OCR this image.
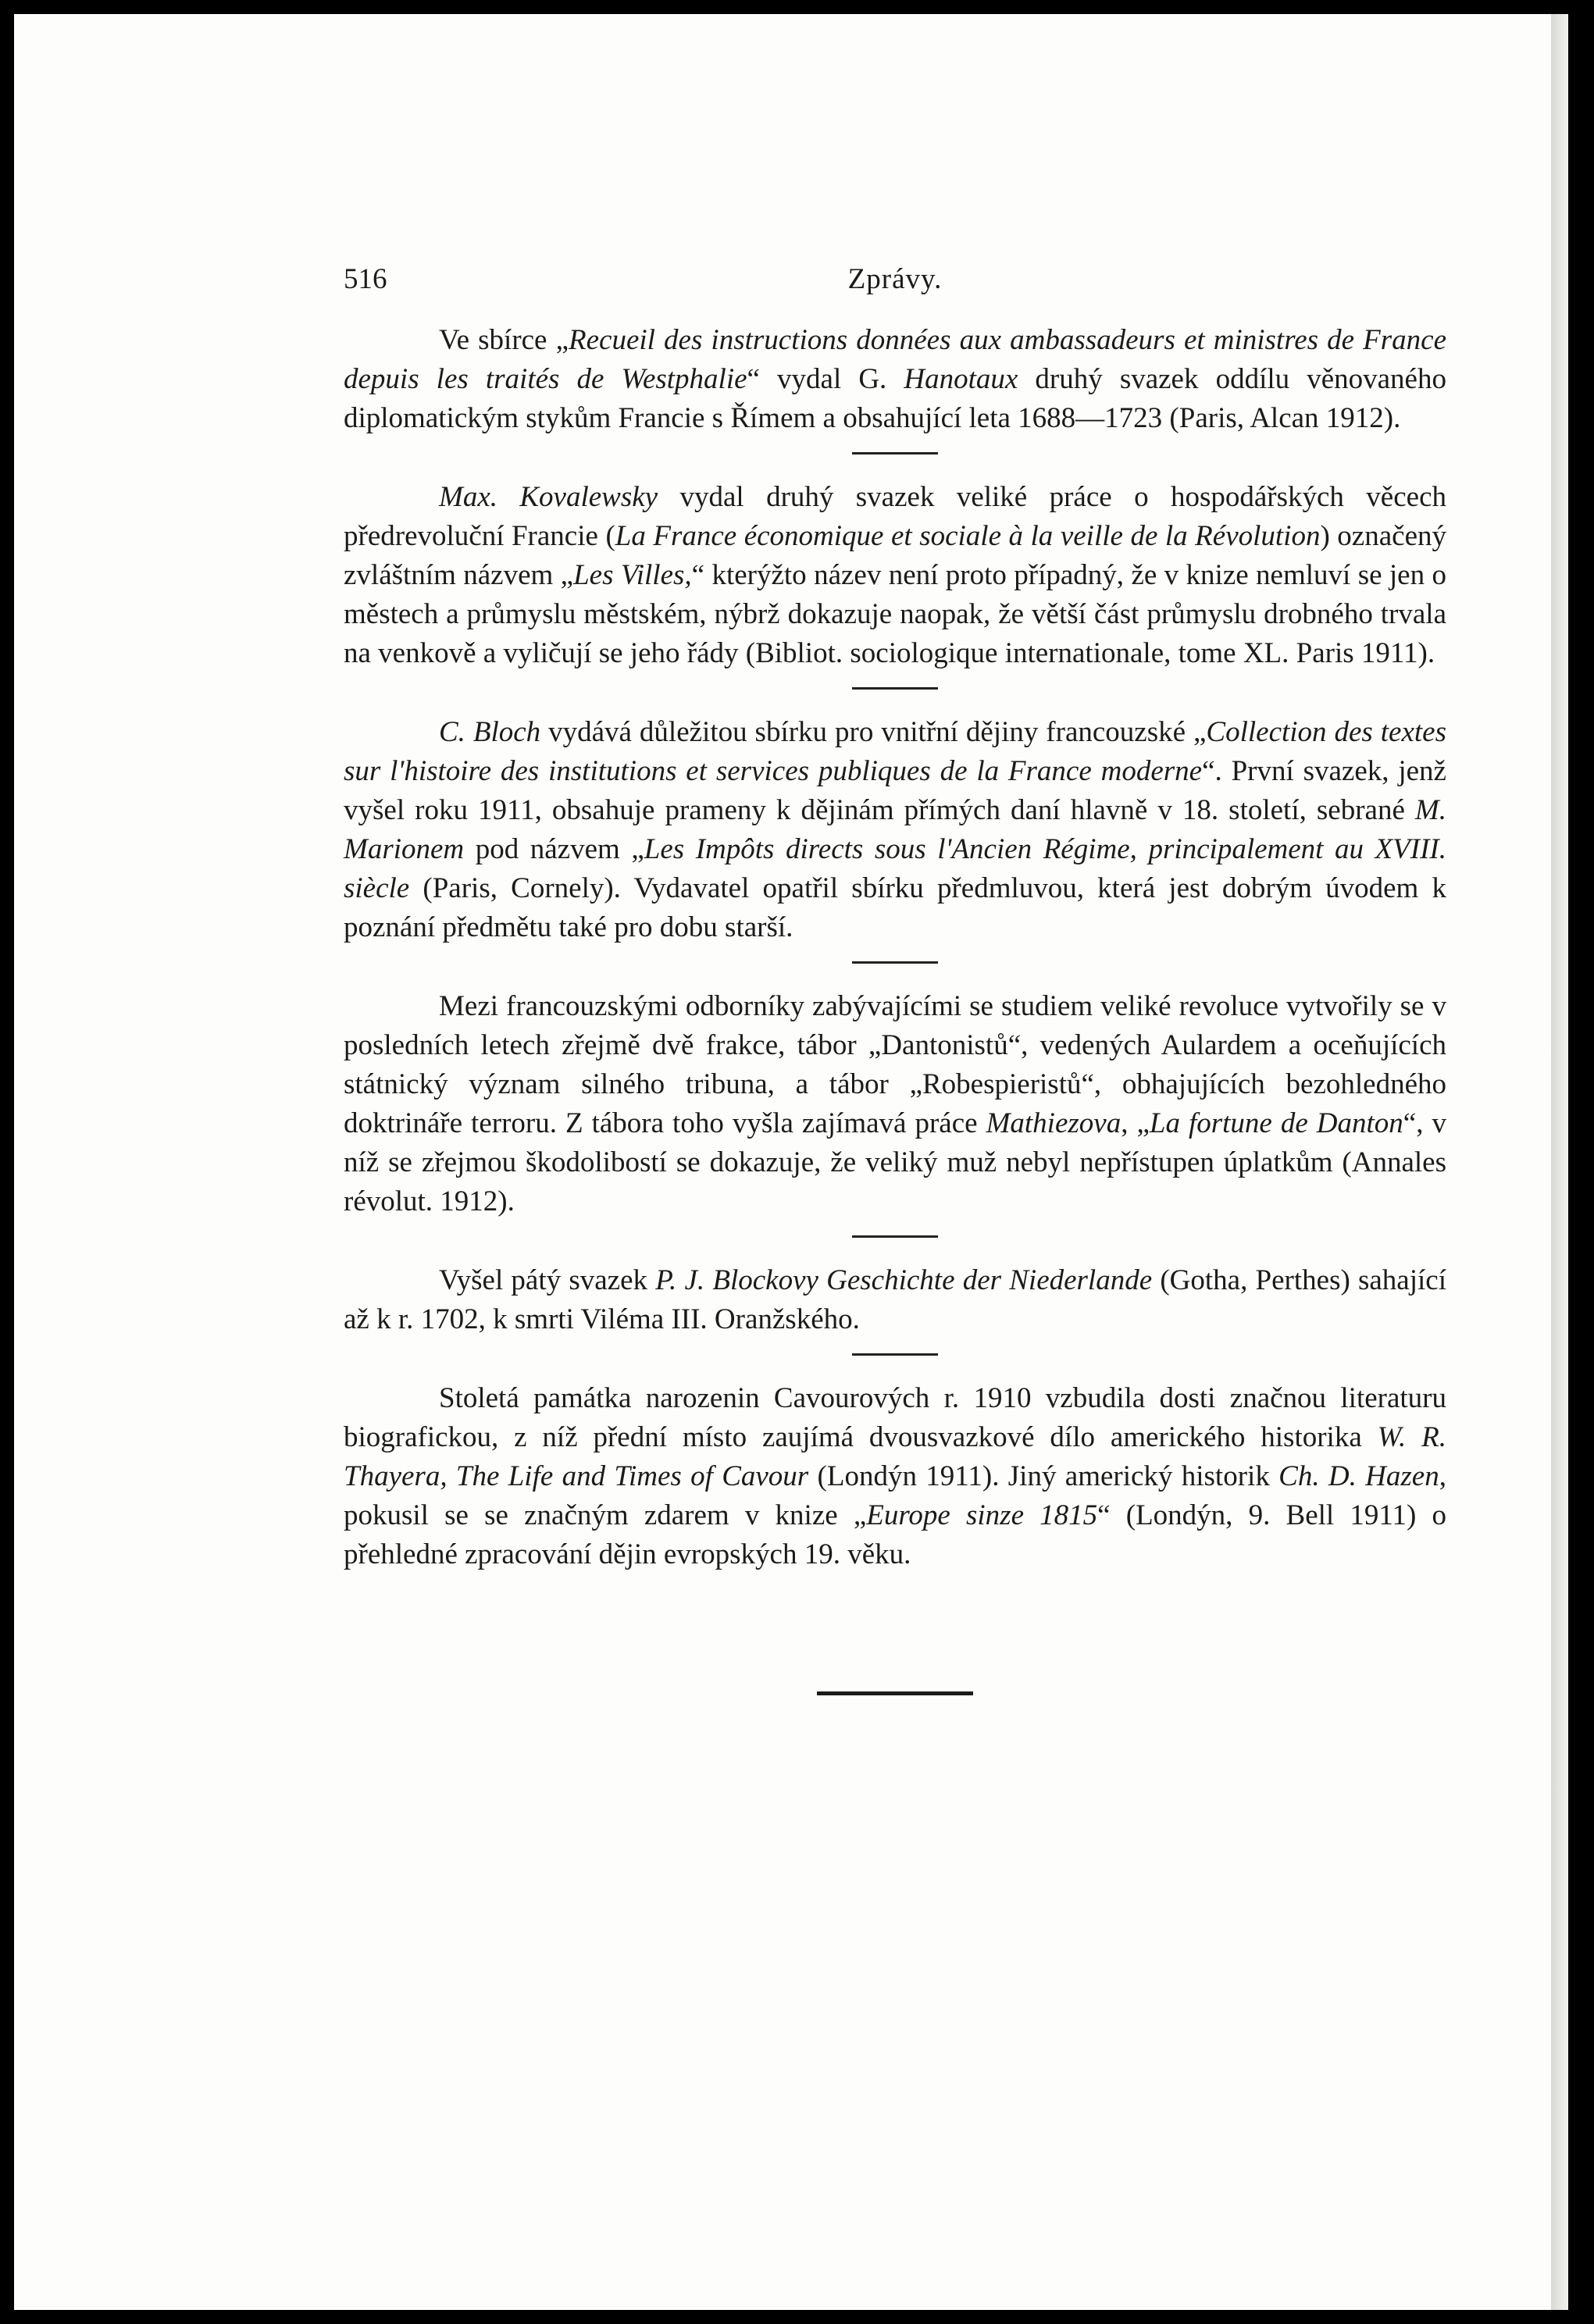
516	Zprávy.

Ve sbírce „Recueil des instructions données aux ambassadeurs et ministres de France depuis les traités de Westphalie“ vydal G. Hanotaux druhý svazek oddílu věnovaného diplomatickým stykům Francie s Římem a obsahující leta 1688—1723 (Paris, Alcan 1912).

Max. Kovalewsky vydal druhý svazek veliké práce o hospodářských věcech předrevoluční Francie (La France économique et sociale à la veille de la Révolution) označený zvláštním názvem „Les Villes,“ kterýžto název není proto případný, že v knize nemluví se jen o městech a průmyslu městském, nýbrž dokazuje naopak, že větší část průmyslu drobného trvala na venkově a vyličují se jeho řády (Bibliot. sociologique internationale, tome XL. Paris 1911).

C. Bloch vydává důležitou sbírku pro vnitřní dějiny francouzské „Collection des textes sur l'histoire des institutions et services publiques de la France moderne“. První svazek, jenž vyšel roku 1911, obsahuje prameny k dějinám přímých daní hlavně v 18. století, sebrané M. Marionem pod názvem „Les Impôts directs sous l'Ancien Régime, principalement au XVIII. siècle (Paris, Cornely). Vydavatel opatřil sbírku předmluvou, která jest dobrým úvodem k poznání předmětu také pro dobu starší.

Mezi francouzskými odborníky zabývajícími se studiem veliké revoluce vytvořily se v posledních letech zřejmě dvě frakce, tábor „Dantonistů“, vedených Aulardem a oceňujících státnický význam silného tribuna, a tábor „Robespieristů“, obhajujících bezohledného doktrináře terroru. Z tábora toho vyšla zajímavá práce Mathiezova, „La fortune de Danton“, v níž se zřejmou škodolibostí se dokazuje, že veliký muž nebyl nepřístupen úplatkům (Annales révolut. 1912).

Vyšel pátý svazek P. J. Blockovy Geschichte der Niederlande (Gotha, Perthes) sahající až k r. 1702, k smrti Viléma III. Oranžského.

Stoletá památka narozenin Cavourových r. 1910 vzbudila dosti značnou literaturu biografickou, z níž přední místo zaujímá dvousvazkové dílo amerického historika W. R. Thayera, The Life and Times of Cavour (Londýn 1911). Jiný americký historik Ch. D. Hazen, pokusil se se značným zdarem v knize „Europe sinze 1815“ (Londýn, 9. Bell 1911) o přehledné zpracování dějin evropských 19. věku.
